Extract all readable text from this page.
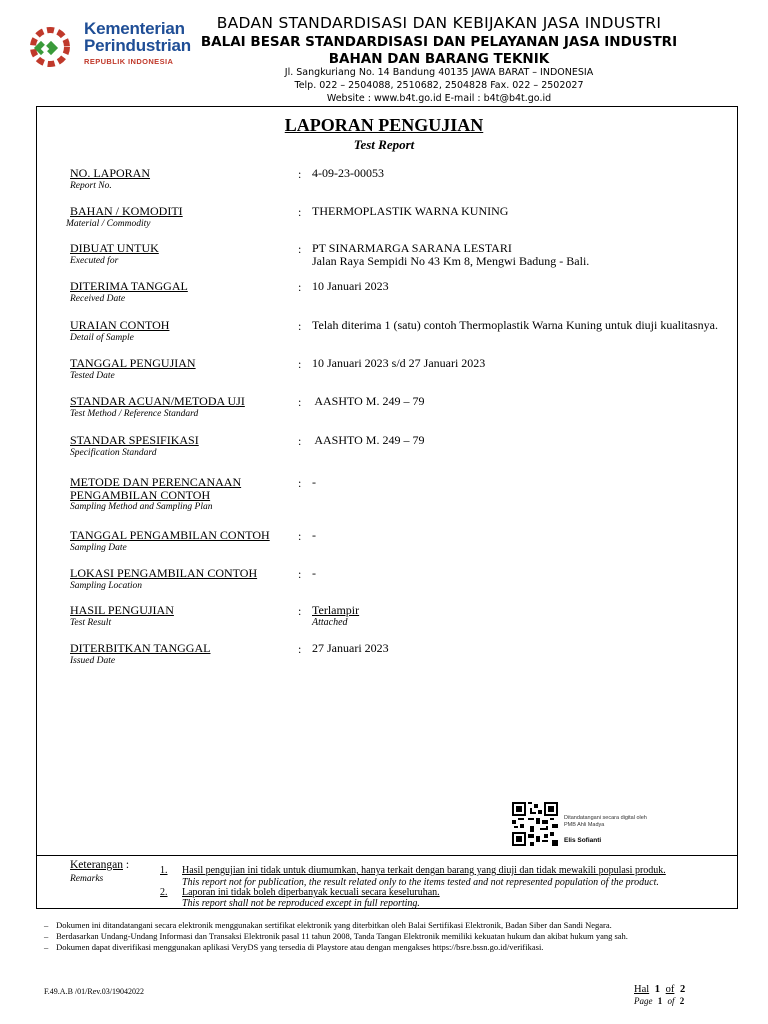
Kementerian
Perindustrian
REPUBLIK INDONESIA
BADAN STANDARDISASI DAN KEBIJAKAN JASA INDUSTRI
BALAI BESAR STANDARDISASI DAN PELAYANAN JASA INDUSTRI
BAHAN DAN BARANG TEKNIK
Jl. Sangkuriang No. 14 Bandung 40135 JAWA BARAT – INDONESIA
Telp. 022 – 2504088, 2510682, 2504828 Fax. 022 – 2502027
Website : www.b4t.go.id E-mail : b4t@b4t.go.id
LAPORAN PENGUJIAN
Test Report
NO. LAPORAN
Report No.
: 4-09-23-00053
BAHAN / KOMODITI
Material / Commodity
: THERMOPLASTIK WARNA KUNING
DIBUAT UNTUK
Executed for
: PT SINARMARGA SARANA LESTARI
Jalan Raya Sempidi No 43 Km 8, Mengwi Badung - Bali.
DITERIMA TANGGAL
Received Date
: 10 Januari 2023
URAIAN CONTOH
Detail of Sample
: Telah diterima 1 (satu) contoh Thermoplastik Warna Kuning untuk diuji kualitasnya.
TANGGAL PENGUJIAN
Tested Date
: 10 Januari 2023 s/d 27 Januari 2023
STANDAR ACUAN/METODA UJI
Test Method / Reference Standard
: AASHTO M. 249 – 79
STANDAR SPESIFIKASI
Specification Standard
: AASHTO M. 249 – 79
METODE DAN PERENCANAAN
PENGAMBILAN CONTOH
Sampling Method and Sampling Plan
: -
TANGGAL PENGAMBILAN CONTOH
Sampling Date
: -
LOKASI PENGAMBILAN CONTOH
Sampling Location
: -
HASIL PENGUJIAN
Test Result
: Terlampir
Attached
DITERBITKAN TANGGAL
Issued Date
: 27 Januari 2023
Ditandatangani secara digital oleh
PMB Ahli Madya
Elis Sofianti
Keterangan :
Remarks
1. Hasil pengujian ini tidak untuk diumumkan, hanya terkait dengan barang yang diuji dan tidak mewakili populasi produk.
This report not for publication, the result related only to the items tested and not represented population of the product.
2. Laporan ini tidak boleh diperbanyak kecuali secara keseluruhan.
This report shall not be reproduced except in full reporting.
– Dokumen ini ditandatangani secara elektronik menggunakan sertifikat elektronik yang diterbitkan oleh Balai Sertifikasi Elektronik, Badan Siber dan Sandi Negara.
– Berdasarkan Undang-Undang Informasi dan Transaksi Elektronik pasal 11 tahun 2008, Tanda Tangan Elektronik memiliki kekuatan hukum dan akibat hukum yang sah.
– Dokumen dapat diverifikasi menggunakan aplikasi VeryDS yang tersedia di Playstore atau dengan mengakses https://bsre.bssn.go.id/verifikasi.
F.49.A.B /01/Rev.03/19042022	Hal 1 of 2
Page 1 of 2
